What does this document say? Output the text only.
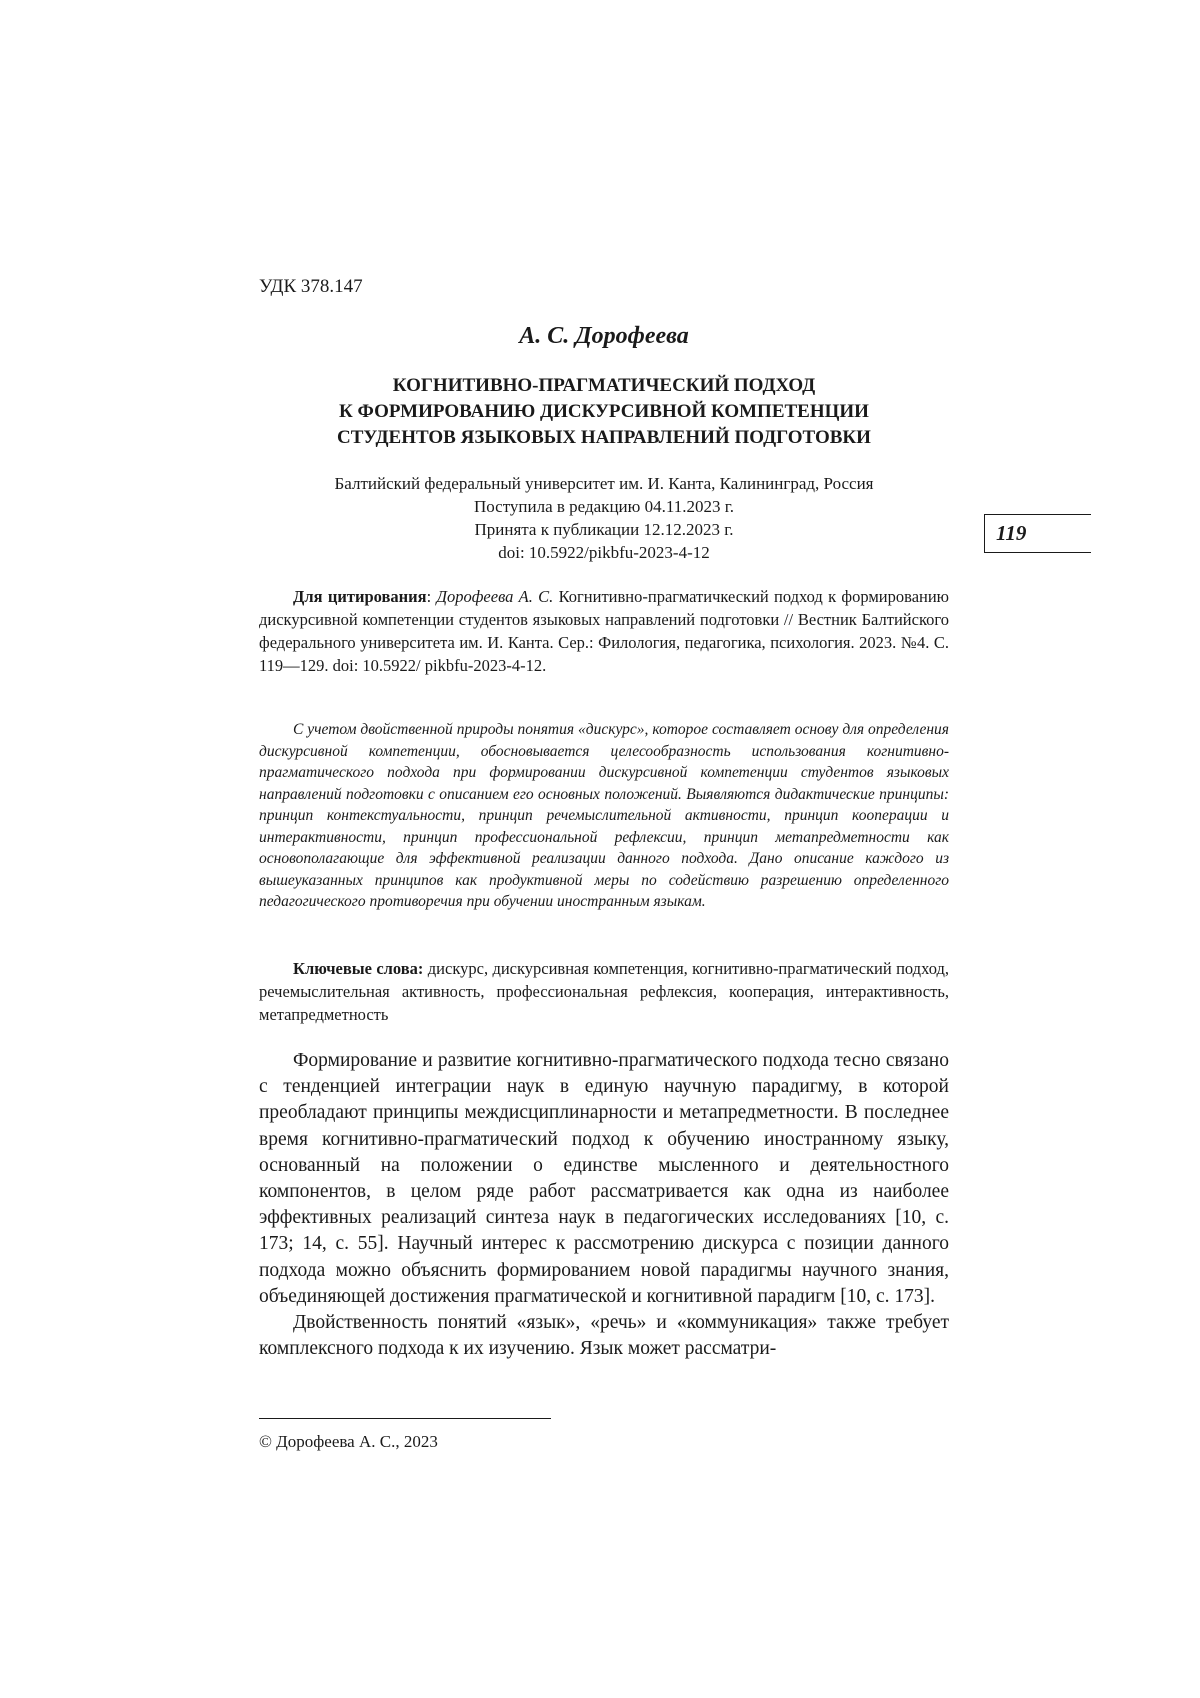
УДК 378.147
А. С. Дорофеева
КОГНИТИВНО-ПРАГМАТИЧЕСКИЙ ПОДХОД
К ФОРМИРОВАНИЮ ДИСКУРСИВНОЙ КОМПЕТЕНЦИИ
СТУДЕНТОВ ЯЗЫКОВЫХ НАПРАВЛЕНИЙ ПОДГОТОВКИ
Балтийский федеральный университет им. И. Канта, Калининград, Россия
Поступила в редакцию 04.11.2023 г.
Принята к публикации 12.12.2023 г.
doi: 10.5922/pikbfu-2023-4-12
119
Для цитирования: Дорофеева А. С. Когнитивно-прагматичкеский подход к формированию дискурсивной компетенции студентов языковых направлений подготовки // Вестник Балтийского федерального университета им. И. Канта. Сер.: Филология, педагогика, психология. 2023. №4. С. 119—129. doi: 10.5922/ pikbfu-2023-4-12.
С учетом двойственной природы понятия «дискурс», которое составляет основу для определения дискурсивной компетенции, обосновывается целесообразность использования когнитивно-прагматического подхода при формировании дискурсивной компетенции студентов языковых направлений подготовки с описанием его основных положений. Выявляются дидактические принципы: принцип контекстуальности, принцип речемыслительной активности, принцип кооперации и интерактивности, принцип профессиональной рефлексии, принцип метапредметности как основополагающие для эффективной реализации данного подхода. Дано описание каждого из вышеуказанных принципов как продуктивной меры по содействию разрешению определенного педагогического противоречия при обучении иностранным языкам.
Ключевые слова: дискурс, дискурсивная компетенция, когнитивно-прагматический подход, речемыслительная активность, профессиональная рефлексия, кооперация, интерактивность, метапредметность

Формирование и развитие когнитивно-прагматического подхода тесно связано с тенденцией интеграции наук в единую научную парадигму, в которой преобладают принципы междисциплинарности и метапредметности. В последнее время когнитивно-прагматический подход к обучению иностранному языку, основанный на положении о единстве мысленного и деятельностного компонентов, в целом ряде работ рассматривается как одна из наиболее эффективных реализаций синтеза наук в педагогических исследованиях [10, с. 173; 14, с. 55]. Научный интерес к рассмотрению дискурса с позиции данного подхода можно объяснить формированием новой парадигмы научного знания, объединяющей достижения прагматической и когнитивной парадигм [10, с. 173].

Двойственность понятий «язык», «речь» и «коммуникация» также требует комплексного подхода к их изучению. Язык может рассматри-

© Дорофеева А. С., 2023
